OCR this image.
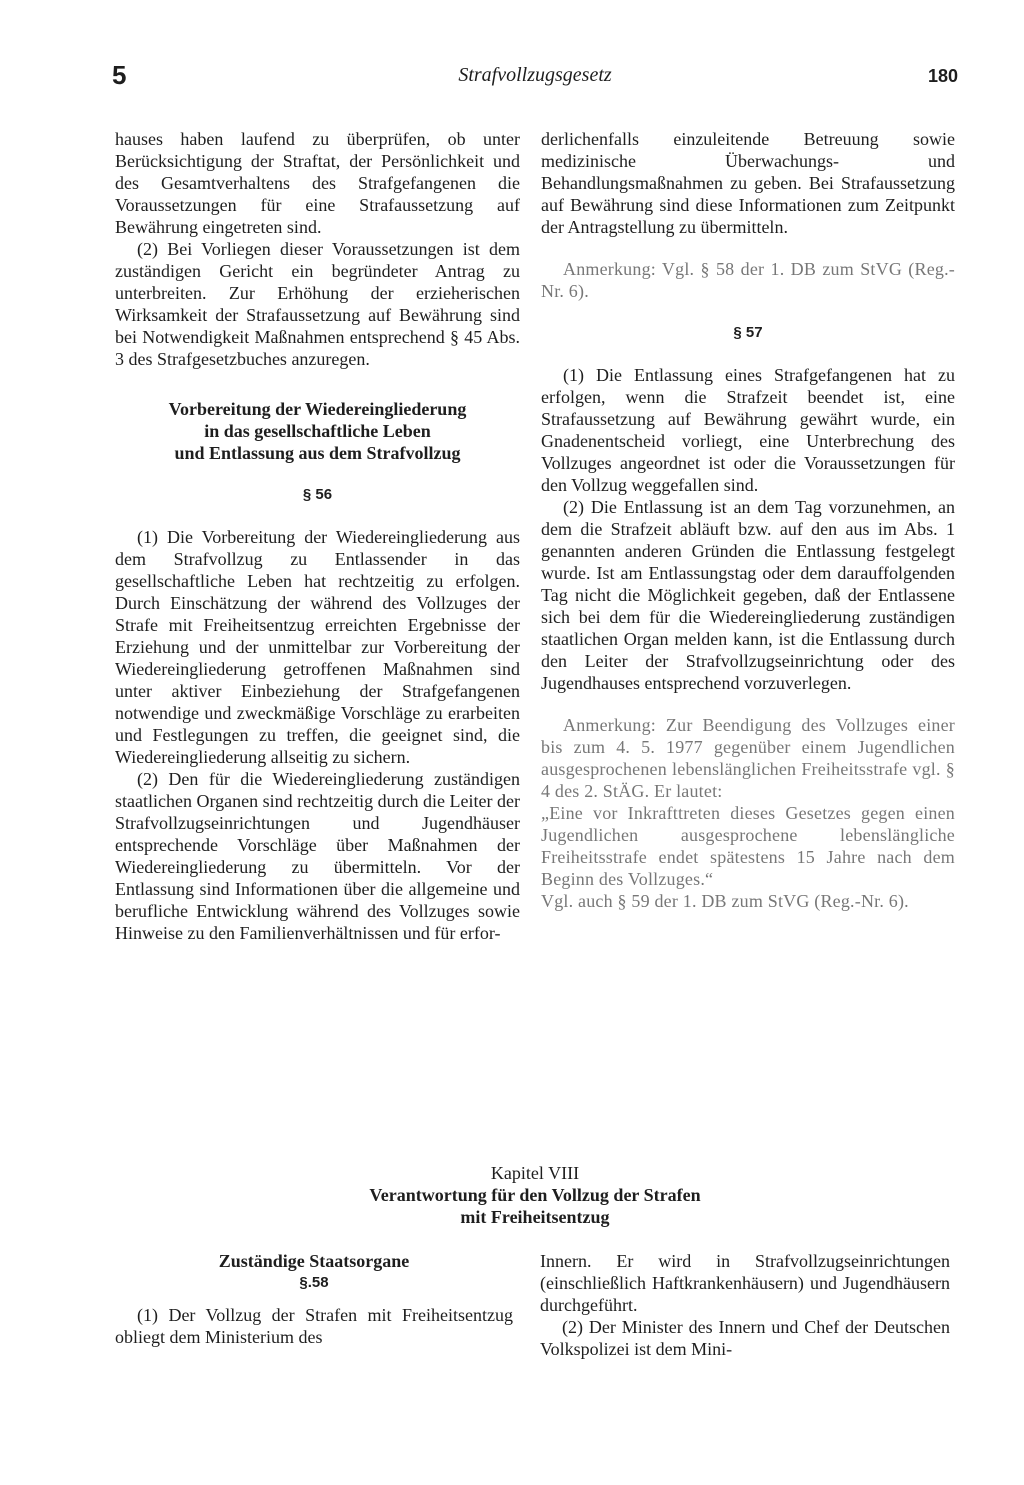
5	Strafvollzugsgesetz	180

hauses haben laufend zu überprüfen, ob unter Berücksichtigung der Straftat, der Persönlichkeit und des Gesamtverhaltens des Strafgefangenen die Voraussetzungen für eine Strafaussetzung auf Bewährung eingetreten sind.

(2) Bei Vorliegen dieser Voraussetzungen ist dem zuständigen Gericht ein begründeter Antrag zu unterbreiten. Zur Erhöhung der erzieherischen Wirksamkeit der Strafaussetzung auf Bewährung sind bei Notwendigkeit Maßnahmen entsprechend § 45 Abs. 3 des Strafgesetzbuches anzuregen.

Vorbereitung der Wiedereingliederung

in das gesellschaftliche Leben

und Entlassung aus dem Strafvollzug

§ 56

(1) Die Vorbereitung der Wiedereingliederung aus dem Strafvollzug zu Entlassender in das gesellschaftliche Leben hat rechtzeitig zu erfolgen. Durch Einschätzung der während des Vollzuges der Strafe mit Freiheitsentzug erreichten Ergebnisse der Erziehung und der unmittelbar zur Vorbereitung der Wiedereingliederung getroffenen Maßnahmen sind unter aktiver Einbeziehung der Strafgefangenen notwendige und zweckmäßige Vorschläge zu erarbeiten und Festlegungen zu treffen, die geeignet sind, die Wiedereingliederung allseitig zu sichern.

(2) Den für die Wiedereingliederung zuständigen staatlichen Organen sind rechtzeitig durch die Leiter der Strafvollzugseinrichtungen und Jugendhäuser entsprechende Vorschläge über Maßnahmen der Wiedereingliederung zu übermitteln. Vor der Entlassung sind Informationen über die allgemeine und berufliche Entwicklung während des Vollzuges sowie Hinweise zu den Familienverhältnissen und für erfor-

derlichenfalls einzuleitende Betreuung sowie medizinische Überwachungs- und Behandlungsmaßnahmen zu geben. Bei Strafaussetzung auf Bewährung sind diese Informationen zum Zeitpunkt der Antragstellung zu übermitteln.

Anmerkung: Vgl. § 58 der 1. DB zum StVG (Reg.-Nr. 6).

§ 57

(1) Die Entlassung eines Strafgefangenen hat zu erfolgen, wenn die Strafzeit beendet ist, eine Strafaussetzung auf Bewährung gewährt wurde, ein Gnadenentscheid vorliegt, eine Unterbrechung des Vollzuges angeordnet ist oder die Voraussetzungen für den Vollzug weggefallen sind.

(2) Die Entlassung ist an dem Tag vorzunehmen, an dem die Strafzeit abläuft bzw. auf den aus im Abs. 1 genannten anderen Gründen die Entlassung festgelegt wurde. Ist am Entlassungstag oder dem darauffolgenden Tag nicht die Möglichkeit gegeben, daß der Entlassene sich bei dem für die Wiedereingliederung zuständigen staatlichen Organ melden kann, ist die Entlassung durch den Leiter der Strafvollzugseinrichtung oder des Jugendhauses entsprechend vorzuverlegen.

Anmerkung: Zur Beendigung des Vollzuges einer bis zum 4. 5. 1977 gegenüber einem Jugendlichen ausgesprochenen lebenslänglichen Freiheitsstrafe vgl. § 4 des 2. StÄG. Er lautet:

„Eine vor Inkrafttreten dieses Gesetzes gegen einen Jugendlichen ausgesprochene lebenslängliche Freiheitsstrafe endet spätestens 15 Jahre nach dem Beginn des Vollzuges.“

Vgl. auch § 59 der 1. DB zum StVG (Reg.-Nr. 6).

Kapitel VIII

Verantwortung für den Vollzug der Strafen

mit Freiheitsentzug

Zuständige Staatsorgane

§.58

(1) Der Vollzug der Strafen mit Freiheitsentzug obliegt dem Ministerium des

Innern. Er wird in Strafvollzugseinrichtungen (einschließlich Haftkrankenhäusern) und Jugendhäusern durchgeführt.

(2) Der Minister des Innern und Chef der Deutschen Volkspolizei ist dem Mini-
